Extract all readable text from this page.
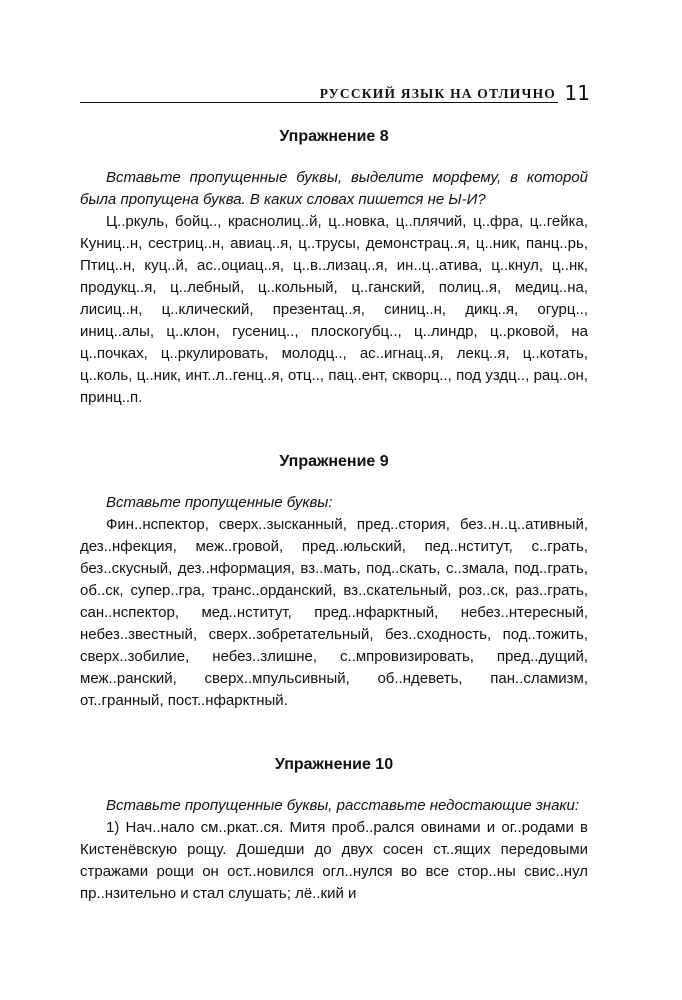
РУССКИЙ ЯЗЫК НА ОТЛИЧНО 11
Упражнение 8

Вставьте пропущенные буквы, выделите морфему, в которой была пропущена буква. В каких словах пишется не Ы-И?

Ц..ркуль, бойц.., краснолиц..й, ц..новка, ц..плячий, ц..фра, ц..гейка, Куниц..н, сестриц..н, авиац..я, ц..трусы, демонстрац..я, ц..ник, панц..рь, Птиц..н, куц..й, ас..оциац..я, ц..в..лизац..я, ин..ц..атива, ц..кнул, ц..нк, продукц..я, ц..лебный, ц..кольный, ц..ганский, полиц..я, медиц..на, лисиц..н, ц..клический, презентац..я, синиц..н, дикц..я, огурц.., иниц..алы, ц..клон, гусениц.., плоскогубц.., ц..линдр, ц..рковой, на ц..почках, ц..ркулировать, молодц.., ас..игнац..я, лекц..я, ц..котать, ц..коль, ц..ник, инт..л..генц..я, отц.., пац..ент, скворц.., под уздц.., рац..он, принц..п.

Упражнение 9

Вставьте пропущенные буквы:

Фин..нспектор, сверх..зысканный, пред..стория, без..н..ц..ативный, дез..нфекция, меж..гровой, пред..юльский, пед..нститут, с..грать, без..скусный, дез..нформация, вз..мать, под..скать, с..змала, под..грать, об..ск, супер..гра, транс..орданский, вз..скательный, роз..ск, раз..грать, сан..нспектор, мед..нститут, пред..нфарктный, небез..нтересный, небез..звестный, сверх..зобретательный, без..сходность, под..тожить, сверх..зобилие, небез..злишне, с..мпровизировать, пред..дущий, меж..ранский, сверх..мпульсивный, об..ндеветь, пан..сламизм, от..гранный, пост..нфарктный.

Упражнение 10

Вставьте пропущенные буквы, расставьте недостающие знаки:

1) Нач..нало см..ркат..ся. Митя проб..рался овинами и ог..родами в Кистенёвскую рощу. Дошедши до двух сосен ст..ящих передовыми стражами рощи он ост..новился огл..нулся во все стор..ны свис..нул пр..нзительно и стал слушать; лё..кий и
